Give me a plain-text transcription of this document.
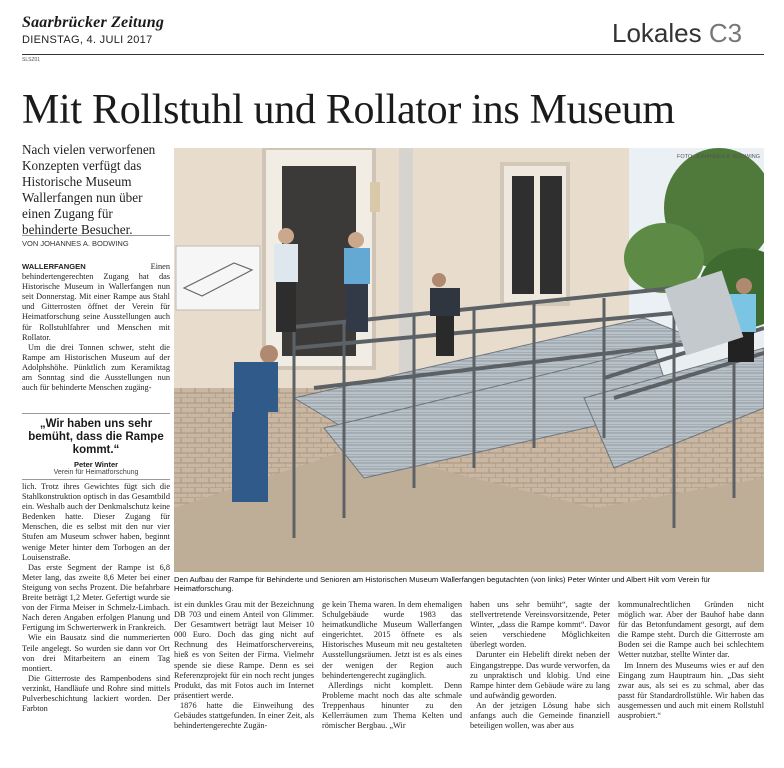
Saarbrücker Zeitung
DIENSTAG, 4. JULI 2017	Lokales C3
SLSZ01
Mit Rollstuhl und Rollator ins Museum
Nach vielen verworfenen Konzepten verfügt das Historische Museum Wallerfangen nun über einen Zugang für behinderte Besucher.
VON JOHANNES A. BODWING

WALLERFANGEN Einen behindertengerechten Zugang hat das Historische Museum in Wallerfangen nun seit Donnerstag. Mit einer Rampe aus Stahl und Gitterrosten öffnet der Verein für Heimatforschung seine Ausstellungen auch für Rollstuhlfahrer und Menschen mit Rollator.

Um die drei Tonnen schwer, steht die Rampe am Historischen Museum auf der Adolphshöhe. Pünktlich zum Keramiktag am Sonntag sind die Ausstellungen nun auch für behinderte Menschen zugäng-

„Wir haben uns sehr bemüht, dass die Rampe kommt.“
Peter Winter
Verein für Heimatforschung

lich. Trotz ihres Gewichtes fügt sich die Stahlkonstruktion optisch in das Gesamtbild ein. Weshalb auch der Denkmalschutz keine Bedenken hatte. Dieser Zugang für Menschen, die es selbst mit den nur vier Stufen am Museum schwer haben, beginnt wenige Meter hinter dem Torbogen an der Louisenstraße.

Das erste Segment der Rampe ist 6,8 Meter lang, das zweite 8,6 Meter bei einer Steigung von sechs Prozent. Die befahrbare Breite beträgt 1,2 Meter. Gefertigt wurde sie von der Firma Meiser in Schmelz-Limbach. Nach deren Angaben erfolgen Planung und Fertigung im Schwerterwerk in Frankreich.

Wie ein Bausatz sind die nummerierten Teile angelegt. So wurden sie dann vor Ort von drei Mitarbeitern an einem Tag montiert.

Die Gitterroste des Rampenbodens sind verzinkt, Handläufe und Rohre sind mittels Pulverbeschichtung lackiert worden. Der Farbton

FOTO: JOHANNES A. BODWING
Den Aufbau der Rampe für Behinderte und Senioren am Historischen Museum Wallerfangen begutachten (von links) Peter Winter und Albert Hilt vom Verein für Heimatforschung.

ist ein dunkles Grau mit der Bezeichnung DB 703 und einem Anteil von Glimmer. Der Gesamtwert beträgt laut Meiser 10 000 Euro. Doch das ging nicht auf Rechnung des Heimatforschervereins, hieß es von Seiten der Firma. Vielmehr spende sie diese Rampe. Denn es sei Referenzprojekt für ein noch recht junges Produkt, das mit Fotos auch im Internet präsentiert werde.

1876 hatte die Einweihung des Gebäudes stattgefunden. In einer Zeit, als behindertengerechte Zugän-

ge kein Thema waren. In dem ehemaligen Schulgebäude wurde 1983 das heimatkundliche Museum Wallerfangen eingerichtet. 2015 öffnete es als Historisches Museum mit neu gestalteten Ausstellungsräumen. Jetzt ist es als eines der wenigen der Region auch behindertengerecht zugänglich.

Allerdings nicht komplett. Denn Probleme macht noch das alte schmale Treppenhaus hinunter zu den Kellerräumen zum Thema Kelten und römischer Bergbau. „Wir

haben uns sehr bemüht“, sagte der stellvertretende Vereinsvorsitzende, Peter Winter, „dass die Rampe kommt“. Davor seien verschiedene Möglichkeiten überlegt worden.

Darunter ein Hebelift direkt neben der Eingangstreppe. Das wurde verworfen, da zu unpraktisch und klobig. Und eine Rampe hinter dem Gebäude wäre zu lang und aufwändig geworden.

An der jetzigen Lösung habe sich anfangs auch die Gemeinde finanziell beteiligen wollen, was aber aus

kommunalrechtlichen Gründen nicht möglich war. Aber der Bauhof habe dann für das Betonfundament gesorgt, auf dem die Rampe steht. Durch die Gitterroste am Boden sei die Rampe auch bei schlechtem Wetter nutzbar, stellte Winter dar.

Im Innern des Museums wies er auf den Eingang zum Hauptraum hin. „Das sieht zwar aus, als sei es zu schmal, aber das passt für Standardrollstühle. Wir haben das ausgemessen und auch mit einem Rollstuhl ausprobiert.“
